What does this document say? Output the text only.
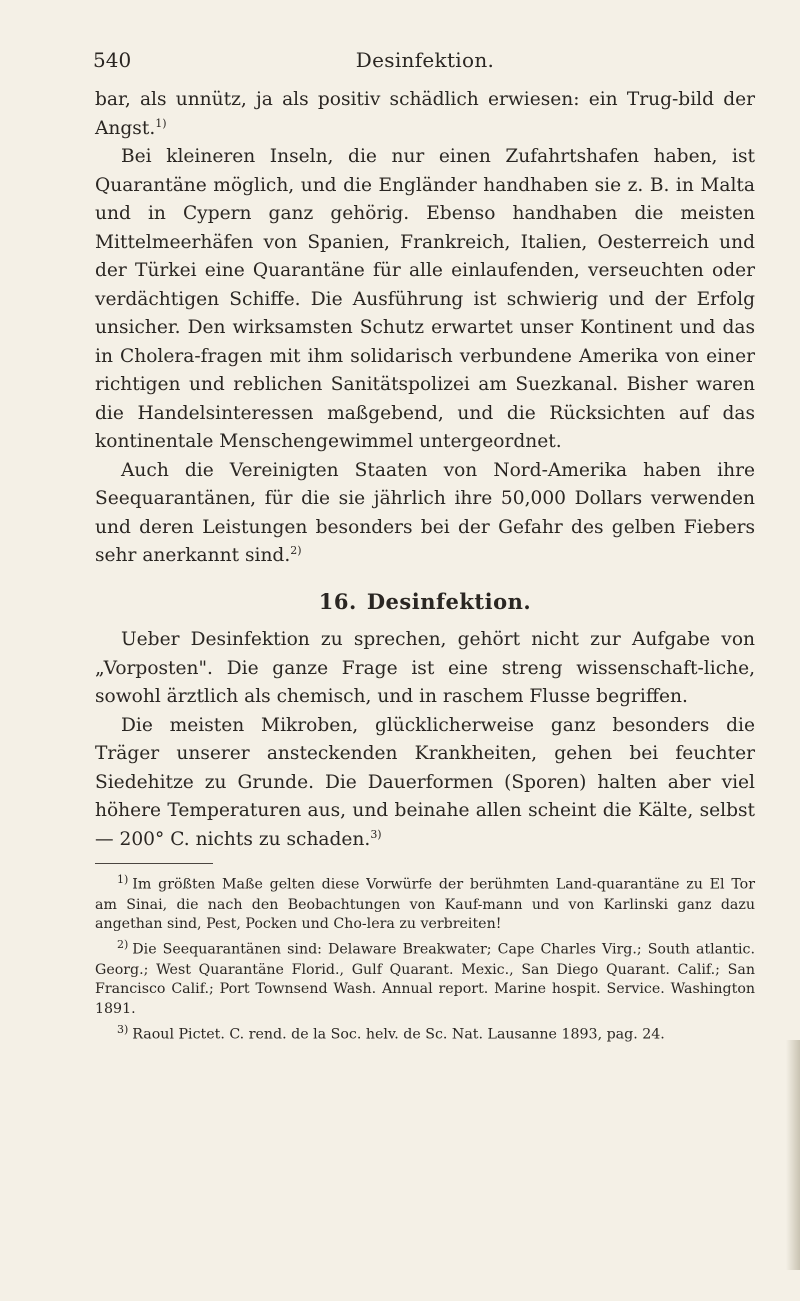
540	Desinfektion.

bar, als unnütz, ja als positiv schädlich erwiesen: ein Trug-bild der Angst.$^{1)}$

Bei kleineren Inseln, die nur einen Zufahrtshafen haben, ist Quarantäne möglich, und die Engländer handhaben sie z. B. in Malta und in Cypern ganz gehörig. Ebenso handhaben die meisten Mittelmeerhäfen von Spanien, Frankreich, Italien, Oesterreich und der Türkei eine Quarantäne für alle einlaufenden, verseuchten oder verdächtigen Schiffe. Die Ausführung ist schwierig und der Erfolg unsicher. Den wirksamsten Schutz erwartet unser Kontinent und das in Cholera-fragen mit ihm solidarisch verbundene Amerika von einer richtigen und reblichen Sanitätspolizei am Suezkanal. Bisher waren die Handelsinteressen maßgebend, und die Rücksichten auf das kontinentale Menschengewimmel untergeordnet.

Auch die Vereinigten Staaten von Nord-Amerika haben ihre Seequarantänen, für die sie jährlich ihre 50,000 Dollars verwenden und deren Leistungen besonders bei der Gefahr des gelben Fiebers sehr anerkannt sind.$^{2)}$

16. Desinfektion.

Ueber Desinfektion zu sprechen, gehört nicht zur Aufgabe von „Vorposten". Die ganze Frage ist eine streng wissenschaft-liche, sowohl ärztlich als chemisch, und in raschem Flusse begriffen.

Die meisten Mikroben, glücklicherweise ganz besonders die Träger unserer ansteckenden Krankheiten, gehen bei feuchter Siedehitze zu Grunde. Die Dauerformen (Sporen) halten aber viel höhere Temperaturen aus, und beinahe allen scheint die Kälte, selbst — 200° C. nichts zu schaden.$^{3)}$

$^{1)}$ Im größten Maße gelten diese Vorwürfe der berühmten Land-quarantäne zu El Tor am Sinai, die nach den Beobachtungen von Kauf-mann und von Karlinski ganz dazu angethan sind, Pest, Pocken und Cho-lera zu verbreiten!

$^{2)}$ Die Seequarantänen sind: Delaware Breakwater; Cape Charles Virg.; South atlantic. Georg.; West Quarantäne Florid., Gulf Quarant. Mexic., San Diego Quarant. Calif.; San Francisco Calif.; Port Townsend Wash. Annual report. Marine hospit. Service. Washington 1891.

$^{3)}$ Raoul Pictet. C. rend. de la Soc. helv. de Sc. Nat. Lausanne 1893, pag. 24.
